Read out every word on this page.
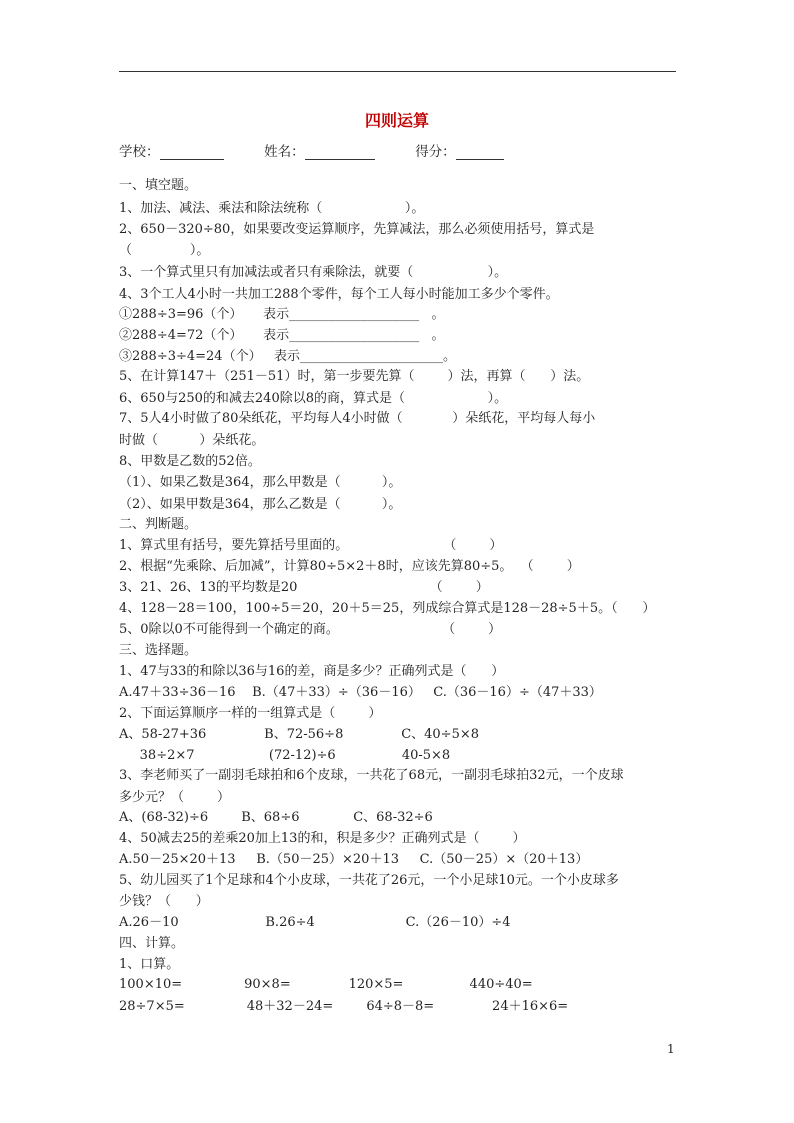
四则运算
学校：	姓名：	得分：
一、填空题。
1、加法、减法、乘法和除法统称（                    ）。
2、650－320÷80，如果要改变运算顺序，先算减法，那么必须使用括号，算式是
（              ）。
3、一个算式里只有加减法或者只有乘除法，就要（                  ）。
4、3个工人4小时一共加工288个零件，每个工人每小时能加工多少个零件。
①288÷3=96（个）     表示____________________   。
②288÷4=72（个）     表示____________________   。
③288÷3÷4=24（个）   表示______________________。
5、在计算147＋（251－51）时，第一步要先算（        ）法，再算（      ）法。
6、650与250的和减去240除以8的商，算式是（                    ）。
7、5人4小时做了80朵纸花，平均每人4小时做（            ）朵纸花，平均每人每小
时做（          ）朵纸花。
8、甲数是乙数的52倍。
（1）、如果乙数是364，那么甲数是（          ）。
（2）、如果甲数是364，那么乙数是（          ）。
二、判断题。
1、算式里有括号，要先算括号里面的。                       （        ）
2、根据“先乘除、后加减”，计算80÷5×2＋8时，应该先算80÷5。  （        ）
3、21、26、13的平均数是20                                （        ）
4、128－28＝100，100÷5＝20，20＋5＝25，列成综合算式是128－28÷5＋5。（      ）
5、0除以0不可能得到一个确定的商。                         （        ）
三、选择题。
1、47与33的和除以36与16的差，商是多少？正确列式是（      ）
A.47＋33÷36－16    B.（47＋33）÷（36－16）   C.（36－16）÷（47＋33）
2、下面运算顺序一样的一组算式是（        ）
A、58-27+36              B、72-56÷8              C、40÷5×8
38÷2×7                  (72-12)÷6                40-5×8
3、李老师买了一副羽毛球拍和6个皮球，一共花了68元，一副羽毛球拍32元，一个皮球
多少元？（        ）
A、(68-32)÷6        B、68÷6             C、68-32÷6
4、50减去25的差乘20加上13的和，积是多少？正确列式是（        ）
A.50－25×20＋13     B.（50－25）×20＋13     C.（50－25）×（20＋13）
5、幼儿园买了1个足球和4个小皮球，一共花了26元，一个小足球10元。一个小皮球多
少钱？（      ）
A.26－10                     B.26÷4                      C.（26－10）÷4
四、计算。
1、口算。
100×10=               90×8=              120×5=                440÷40=
28÷7×5=               48＋32－24=        64÷8－8=              24＋16×6=
1
